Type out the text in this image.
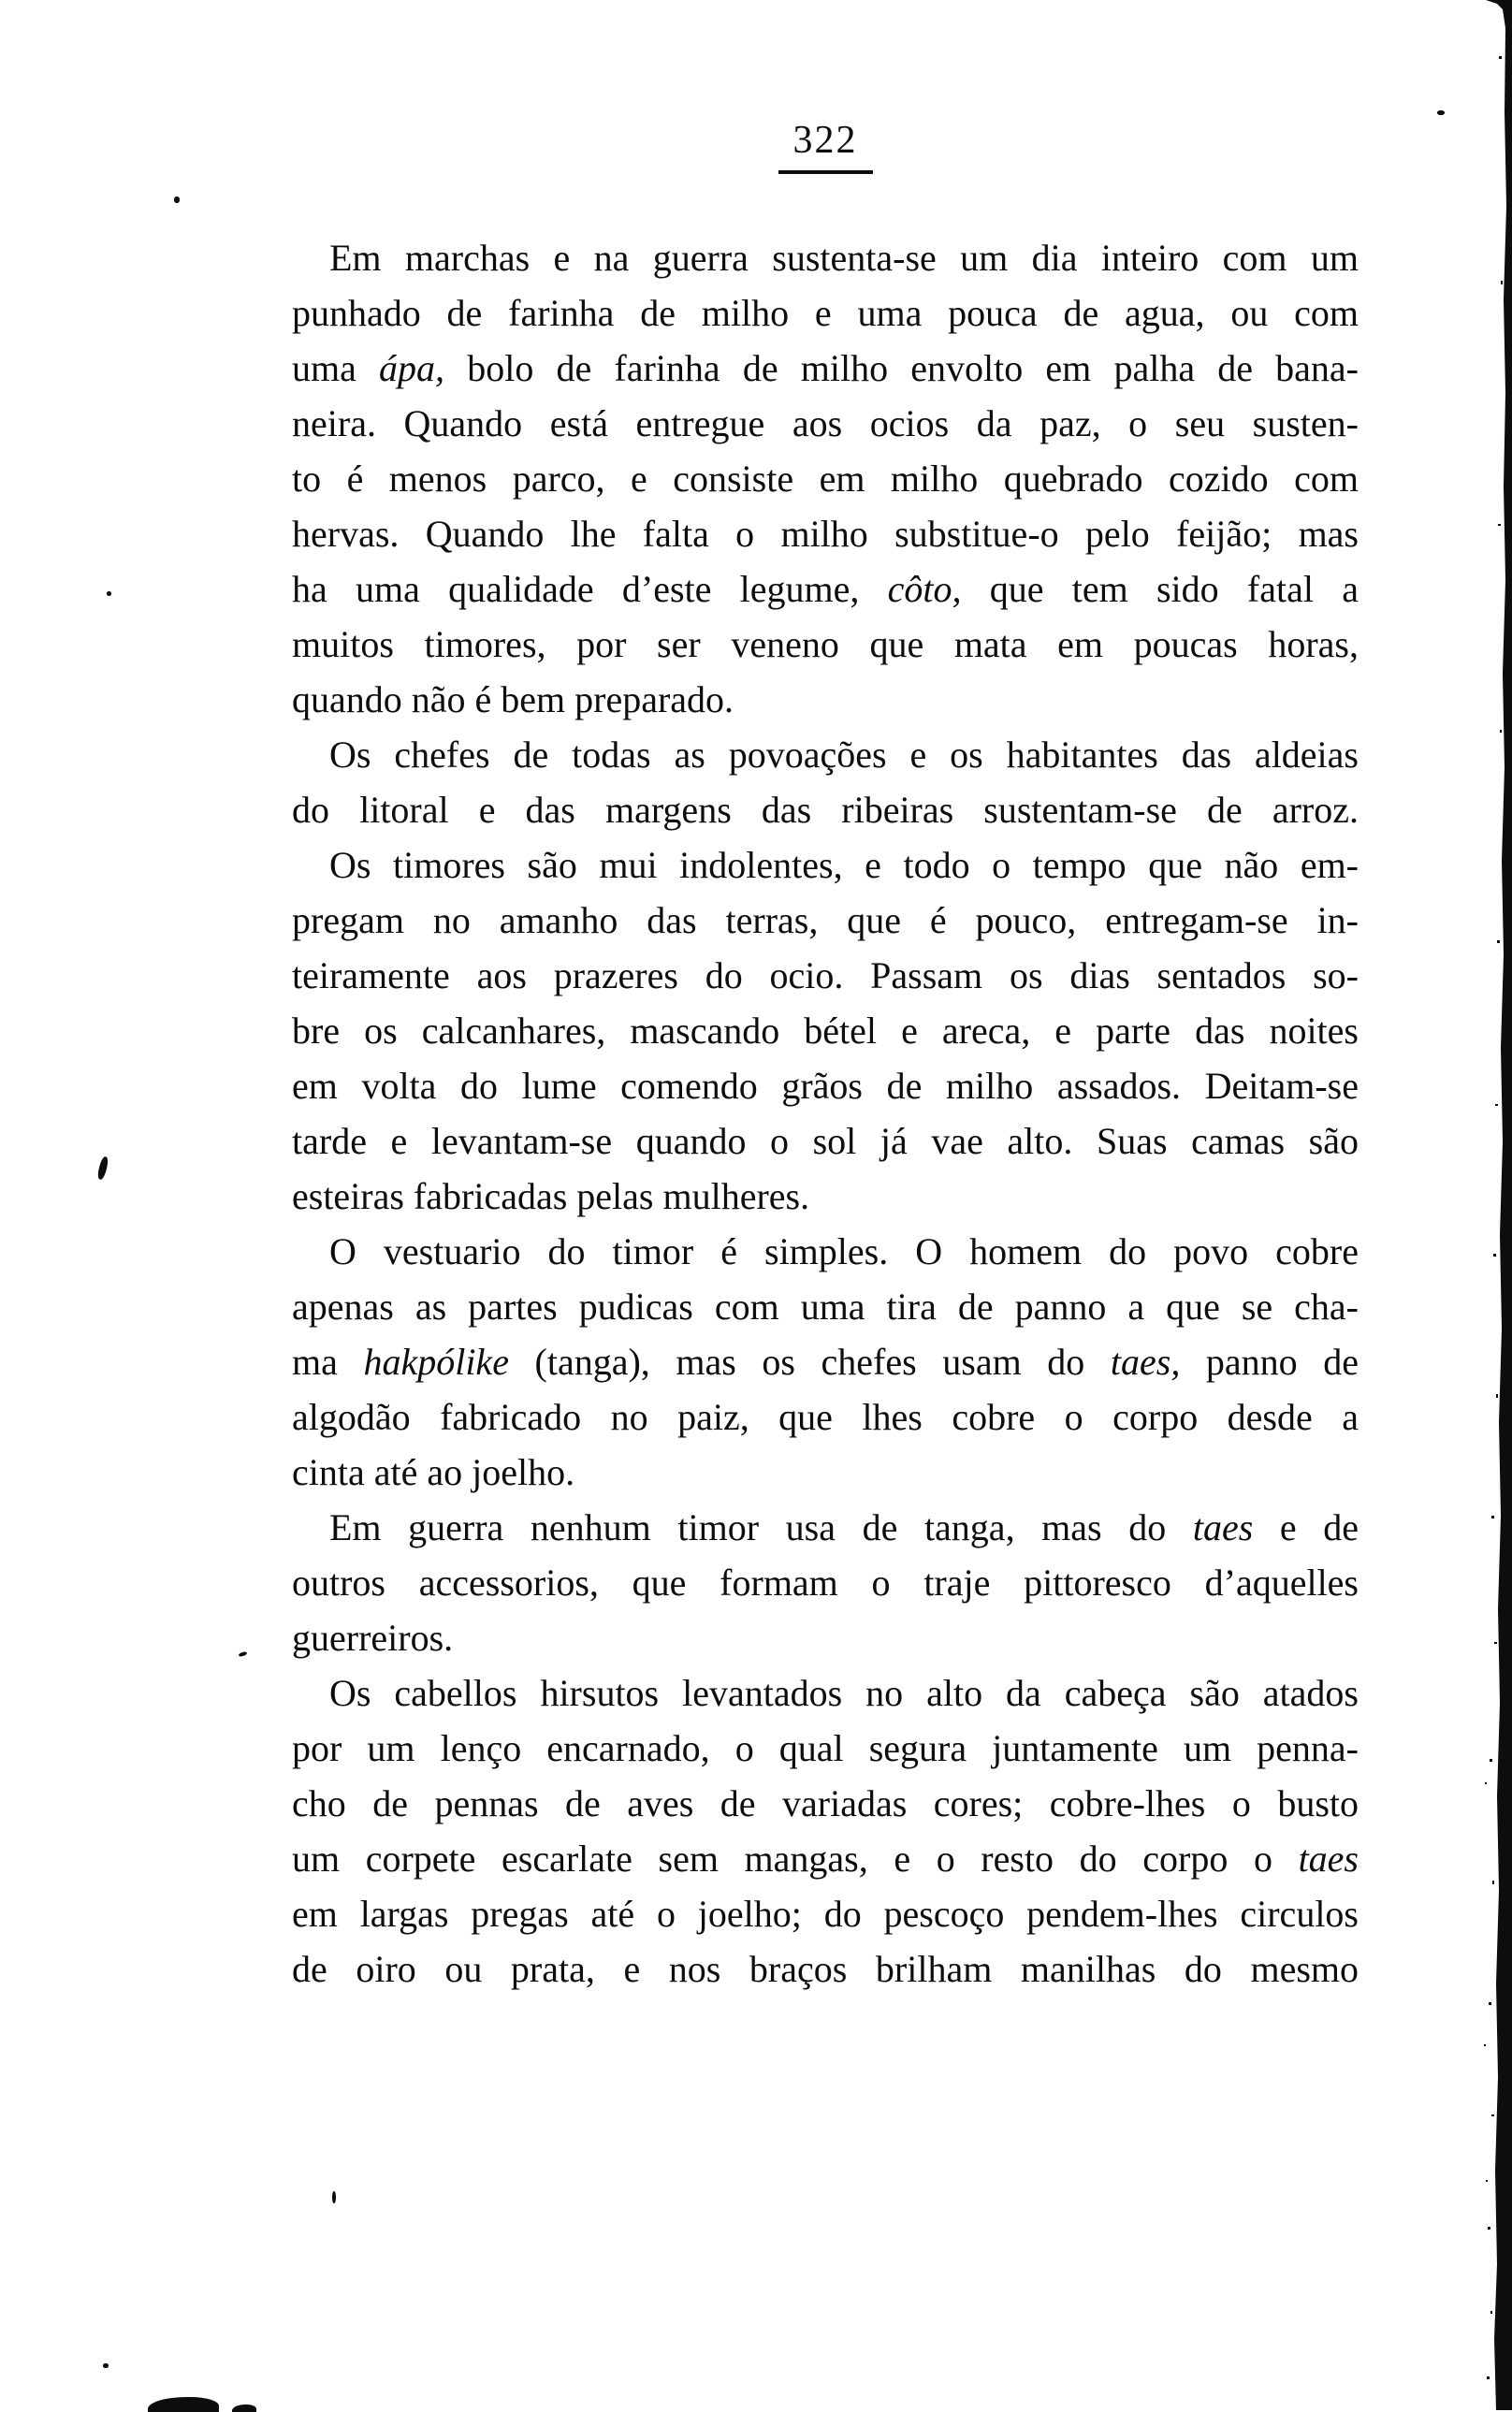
322
Em marchas e na guerra sustenta-se um dia inteiro com um
punhado de farinha de milho e uma pouca de agua, ou com
uma ápa, bolo de farinha de milho envolto em palha de bana-
neira. Quando está entregue aos ocios da paz, o seu susten-
to é menos parco, e consiste em milho quebrado cozido com
hervas. Quando lhe falta o milho substitue-o pelo feijão; mas
ha uma qualidade d’este legume, côto, que tem sido fatal a
muitos timores, por ser veneno que mata em poucas horas,
quando não é bem preparado.
Os chefes de todas as povoações e os habitantes das aldeias
do litoral e das margens das ribeiras sustentam-se de arroz.
Os timores são mui indolentes, e todo o tempo que não em-
pregam no amanho das terras, que é pouco, entregam-se in-
teiramente aos prazeres do ocio. Passam os dias sentados so-
bre os calcanhares, mascando bétel e areca, e parte das noites
em volta do lume comendo grãos de milho assados. Deitam-se
tarde e levantam-se quando o sol já vae alto. Suas camas são
esteiras fabricadas pelas mulheres.
O vestuario do timor é simples. O homem do povo cobre
apenas as partes pudicas com uma tira de panno a que se cha-
ma hakpólike (tanga), mas os chefes usam do taes, panno de
algodão fabricado no paiz, que lhes cobre o corpo desde a
cinta até ao joelho.
Em guerra nenhum timor usa de tanga, mas do taes e de
outros accessorios, que formam o traje pittoresco d’aquelles
guerreiros.
Os cabellos hirsutos levantados no alto da cabeça são atados
por um lenço encarnado, o qual segura juntamente um penna-
cho de pennas de aves de variadas cores; cobre-lhes o busto
um corpete escarlate sem mangas, e o resto do corpo o taes
em largas pregas até o joelho; do pescoço pendem-lhes circulos
de oiro ou prata, e nos braços brilham manilhas do mesmo
